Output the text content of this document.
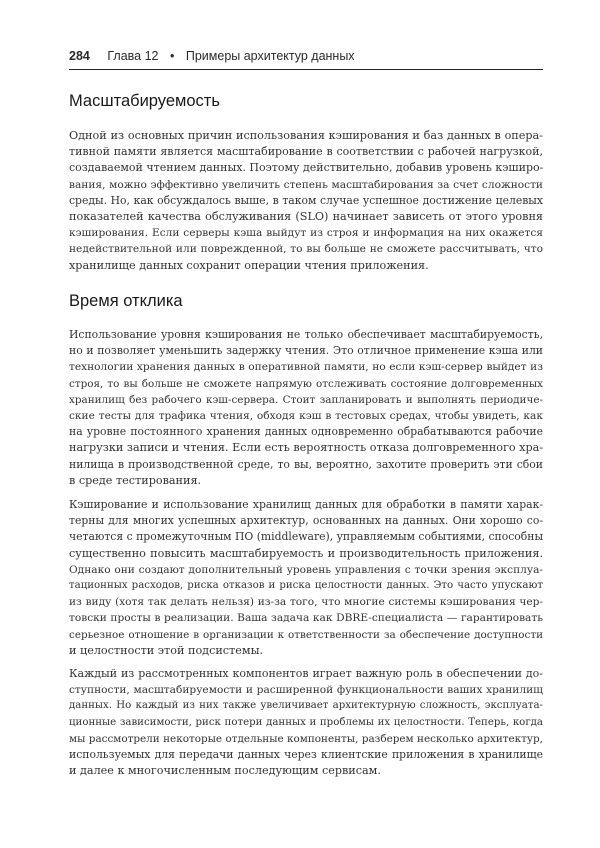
284 Глава 12 • Примеры архитектур данных
Масштабируемость
Одной из основных причин использования кэширования и баз данных в опера-
тивной памяти является масштабирование в соответствии с рабочей нагрузкой,
создаваемой чтением данных. Поэтому действительно, добавив уровень кэширо-
вания, можно эффективно увеличить степень масштабирования за счет сложности
среды. Но, как обсуждалось выше, в таком случае успешное достижение целевых
показателей качества обслуживания (SLO) начинает зависеть от этого уровня
кэширования. Если серверы кэша выйдут из строя и информация на них окажется
недействительной или поврежденной, то вы больше не сможете рассчитывать, что
хранилище данных сохранит операции чтения приложения.
Время отклика
Использование уровня кэширования не только обеспечивает масштабируемость,
но и позволяет уменьшить задержку чтения. Это отличное применение кэша или
технологии хранения данных в оперативной памяти, но если кэш-сервер выйдет из
строя, то вы больше не сможете напрямую отслеживать состояние долговременных
хранилищ без рабочего кэш-сервера. Стоит запланировать и выполнять периодиче-
ские тесты для трафика чтения, обходя кэш в тестовых средах, чтобы увидеть, как
на уровне постоянного хранения данных одновременно обрабатываются рабочие
нагрузки записи и чтения. Если есть вероятность отказа долговременного хра-
нилища в производственной среде, то вы, вероятно, захотите проверить эти сбои
в среде тестирования.
Кэширование и использование хранилищ данных для обработки в памяти харак-
терны для многих успешных архитектур, основанных на данных. Они хорошо со-
четаются с промежуточным ПО (middleware), управляемым событиями, способны
существенно повысить масштабируемость и производительность приложения.
Однако они создают дополнительный уровень управления с точки зрения эксплуа-
тационных расходов, риска отказов и риска целостности данных. Это часто упускают
из виду (хотя так делать нельзя) из-за того, что многие системы кэширования чер-
товски просты в реализации. Ваша задача как DBRE-специалиста — гарантировать
серьезное отношение в организации к ответственности за обеспечение доступности
и целостности этой подсистемы.
Каждый из рассмотренных компонентов играет важную роль в обеспечении до-
ступности, масштабируемости и расширенной функциональности ваших хранилищ
данных. Но каждый из них также увеличивает архитектурную сложность, эксплуата-
ционные зависимости, риск потери данных и проблемы их целостности. Теперь, когда
мы рассмотрели некоторые отдельные компоненты, разберем несколько архитектур,
используемых для передачи данных через клиентские приложения в хранилище
и далее к многочисленным последующим сервисам.
